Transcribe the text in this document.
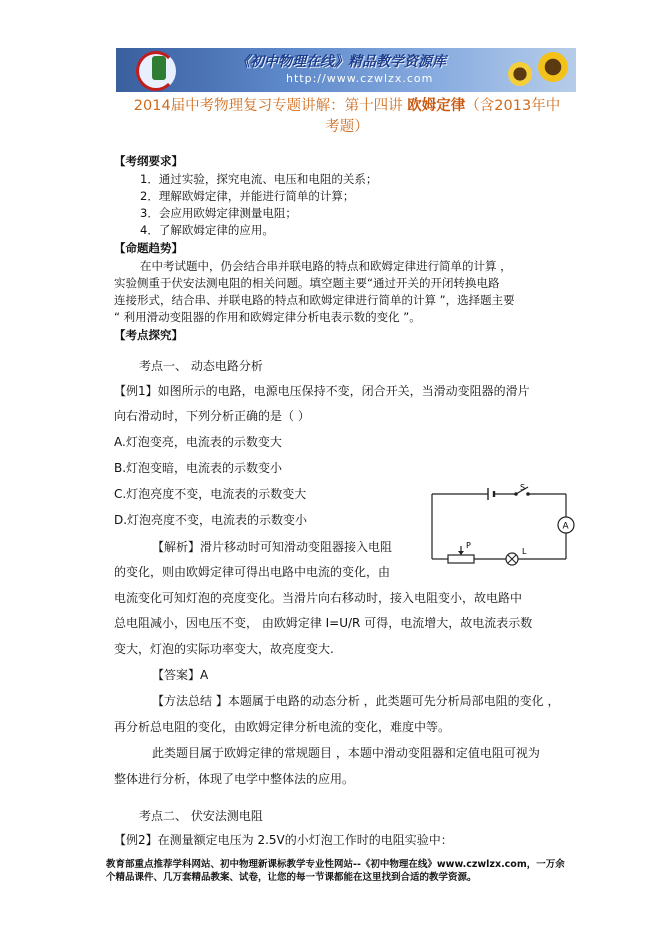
《初中物理在线》精品教学资源库
http://www.czwlzx.com
2014届中考物理复习专题讲解：第十四讲 欧姆定律（含2013年中
考题）
【考纲要求】
1．通过实验，探究电流、电压和电阻的关系；
2．理解欧姆定律，并能进行简单的计算；
3．会应用欧姆定律测量电阻；
4．了解欧姆定律的应用。
【命题趋势】
在中考试题中，仍会结合串并联电路的特点和欧姆定律进行简单的计算 ，
实验侧重于伏安法测电阻的相关问题。填空题主要“通过开关的开闭转换电路
连接形式，结合串、并联电路的特点和欧姆定律进行简单的计算 ”，选择题主要
“ 利用滑动变阻器的作用和欧姆定律分析电表示数的变化 ”。
【考点探究】
考点一、 动态电路分析
【例1】如图所示的电路，电源电压保持不变，闭合开关，当滑动变阻器的滑片
向右滑动时，下列分析正确的是（ ）
A.灯泡变亮，电流表的示数变大
B.灯泡变暗，电流表的示数变小
C.灯泡亮度不变，电流表的示数变大
D.灯泡亮度不变，电流表的示数变小
【解析】滑片移动时可知滑动变阻器接入电阻
的变化，则由欧姆定律可得出电路中电流的变化，由
电流变化可知灯泡的亮度变化。当滑片向右移动时，接入电阻变小，故电路中
总电阻减小，因电压不变， 由欧姆定律 I=U/R 可得，电流增大，故电流表示数
变大，灯泡的实际功率变大，故亮度变大.
【答案】A
【方法总结 】本题属于电路的动态分析 ，此类题可先分析局部电阻的变化 ，
再分析总电阻的变化，由欧姆定律分析电流的变化，难度中等。
此类题目属于欧姆定律的常规题目 ，本题中滑动变阻器和定值电阻可视为
整体进行分析，体现了电学中整体法的应用。
S
A
L
P
考点二、 伏安法测电阻
【例2】在测量额定电压为 2.5V的小灯泡工作时的电阻实验中：
教育部重点推荐学科网站、初中物理新课标教学专业性网站--《初中物理在线》www.czwlzx.com，一万余
个精品课件、几万套精品教案、试卷，让您的每一节课都能在这里找到合适的教学资源。
